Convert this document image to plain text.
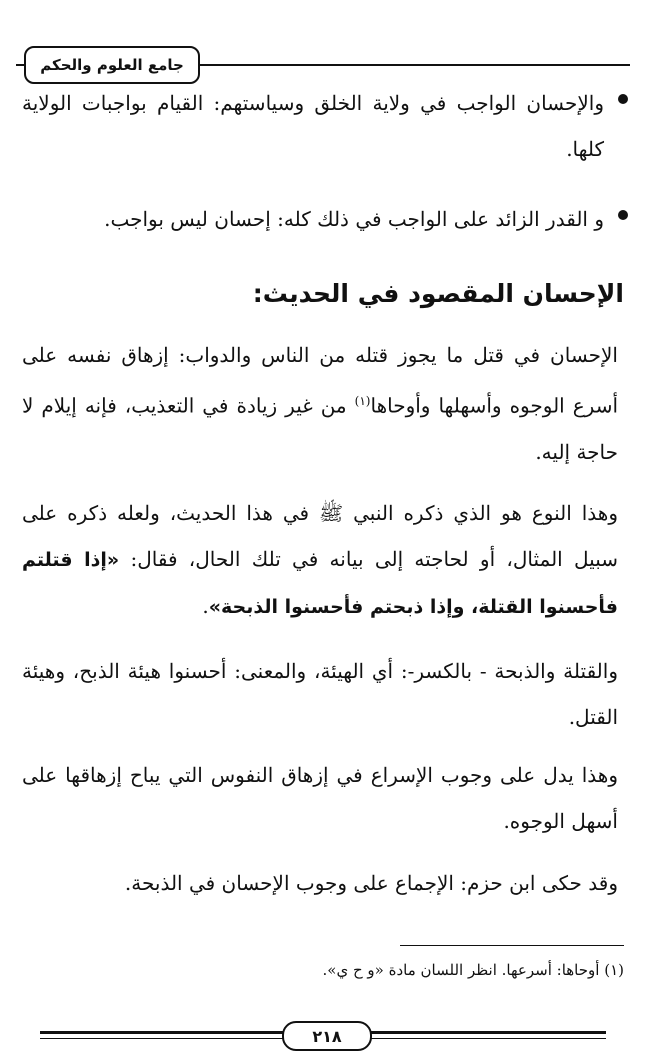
جامع العلوم والحكم
والإحسان الواجب في ولاية الخلق وسياستهم: القيام بواجبات الولاية كلها.
و القدر الزائد على الواجب في ذلك كله: إحسان ليس بواجب.
الإحسان المقصود في الحديث:
الإحسان في قتل ما يجوز قتله من الناس والدواب: إزهاق نفسه على أسرع الوجوه وأسهلها وأوحاها$^{(١)}$ من غير زيادة في التعذيب، فإنه إيلام لا حاجة إليه.
وهذا النوع هو الذي ذكره النبي ﷺ في هذا الحديث، ولعله ذكره على سبيل المثال، أو لحاجته إلى بيانه في تلك الحال، فقال: «إذا قتلتم فأحسنوا القتلة، وإذا ذبحتم فأحسنوا الذبحة».
والقتلة والذبحة - بالكسر-: أي الهيئة، والمعنى: أحسنوا هيئة الذبح، وهيئة القتل.
وهذا يدل على وجوب الإسراع في إزهاق النفوس التي يباح إزهاقها على أسهل الوجوه.
وقد حكى ابن حزم: الإجماع على وجوب الإحسان في الذبحة.
(١) أوحاها: أسرعها. انظر اللسان مادة «و ح ي».
٢١٨
